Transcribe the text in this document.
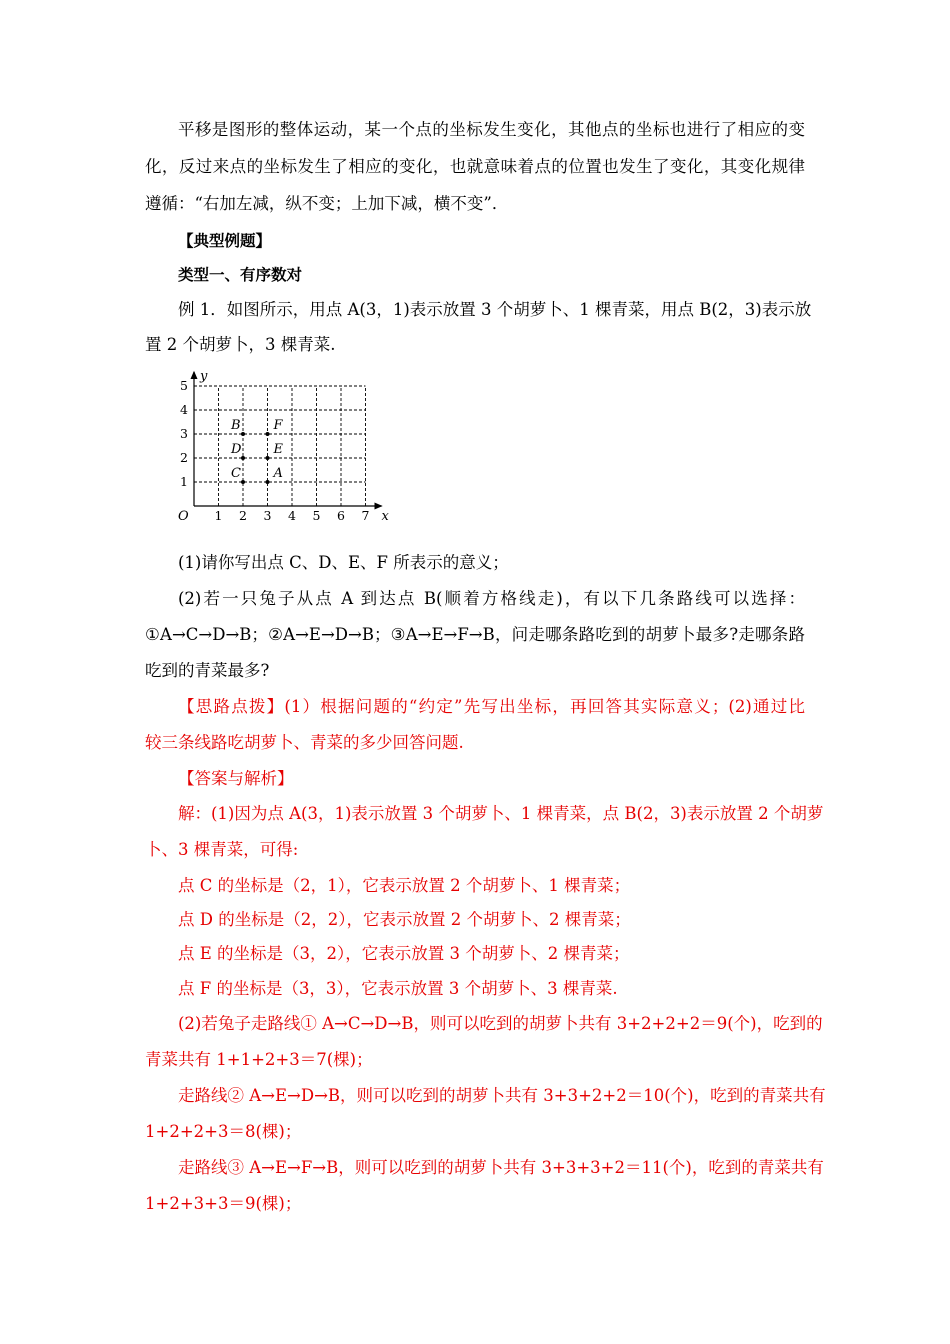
平移是图形的整体运动，某一个点的坐标发生变化，其他点的坐标也进行了相应的变
化，反过来点的坐标发生了相应的变化，也就意味着点的位置也发生了变化，其变化规律
遵循：“右加左减，纵不变；上加下减，横不变”．
【典型例题】
类型一、有序数对
例 1．如图所示，用点 A(3，1)表示放置 3 个胡萝卜、1 棵青菜，用点 B(2，3)表示放
置 2 个胡萝卜，3 棵青菜.
x
y
O 1 2 3 4 5 6 7
1
2
3
4
5
A
B
C
D E
F
(1)请你写出点 C、D、E、F 所表示的意义；
(2)若一只兔子从点 A 到达点 B(顺着方格线走)，有以下几条路线可以选择：
①A→C→D→B；②A→E→D→B；③A→E→F→B，问走哪条路吃到的胡萝卜最多?走哪条路
吃到的青菜最多?
【思路点拨】(1）根据问题的“约定”先写出坐标，再回答其实际意义；(2)通过比
较三条线路吃胡萝卜、青菜的多少回答问题.
【答案与解析】
解：(1)因为点 A(3，1)表示放置 3 个胡萝卜、1 棵青菜，点 B(2，3)表示放置 2 个胡萝
卜、3 棵青菜，可得:
点 C 的坐标是（2，1），它表示放置 2 个胡萝卜、1 棵青菜；
点 D 的坐标是（2，2），它表示放置 2 个胡萝卜、2 棵青菜；
点 E 的坐标是（3，2），它表示放置 3 个胡萝卜、2 棵青菜；
点 F 的坐标是（3，3），它表示放置 3 个胡萝卜、3 棵青菜.
(2)若兔子走路线① A→C→D→B，则可以吃到的胡萝卜共有 3+2+2+2＝9(个)，吃到的
青菜共有 1+1+2+3＝7(棵)；
走路线② A→E→D→B，则可以吃到的胡萝卜共有 3+3+2+2＝10(个)，吃到的青菜共有
1+2+2+3＝8(棵)；
走路线③ A→E→F→B，则可以吃到的胡萝卜共有 3+3+3+2＝11(个)，吃到的青菜共有
1+2+3+3＝9(棵)；
